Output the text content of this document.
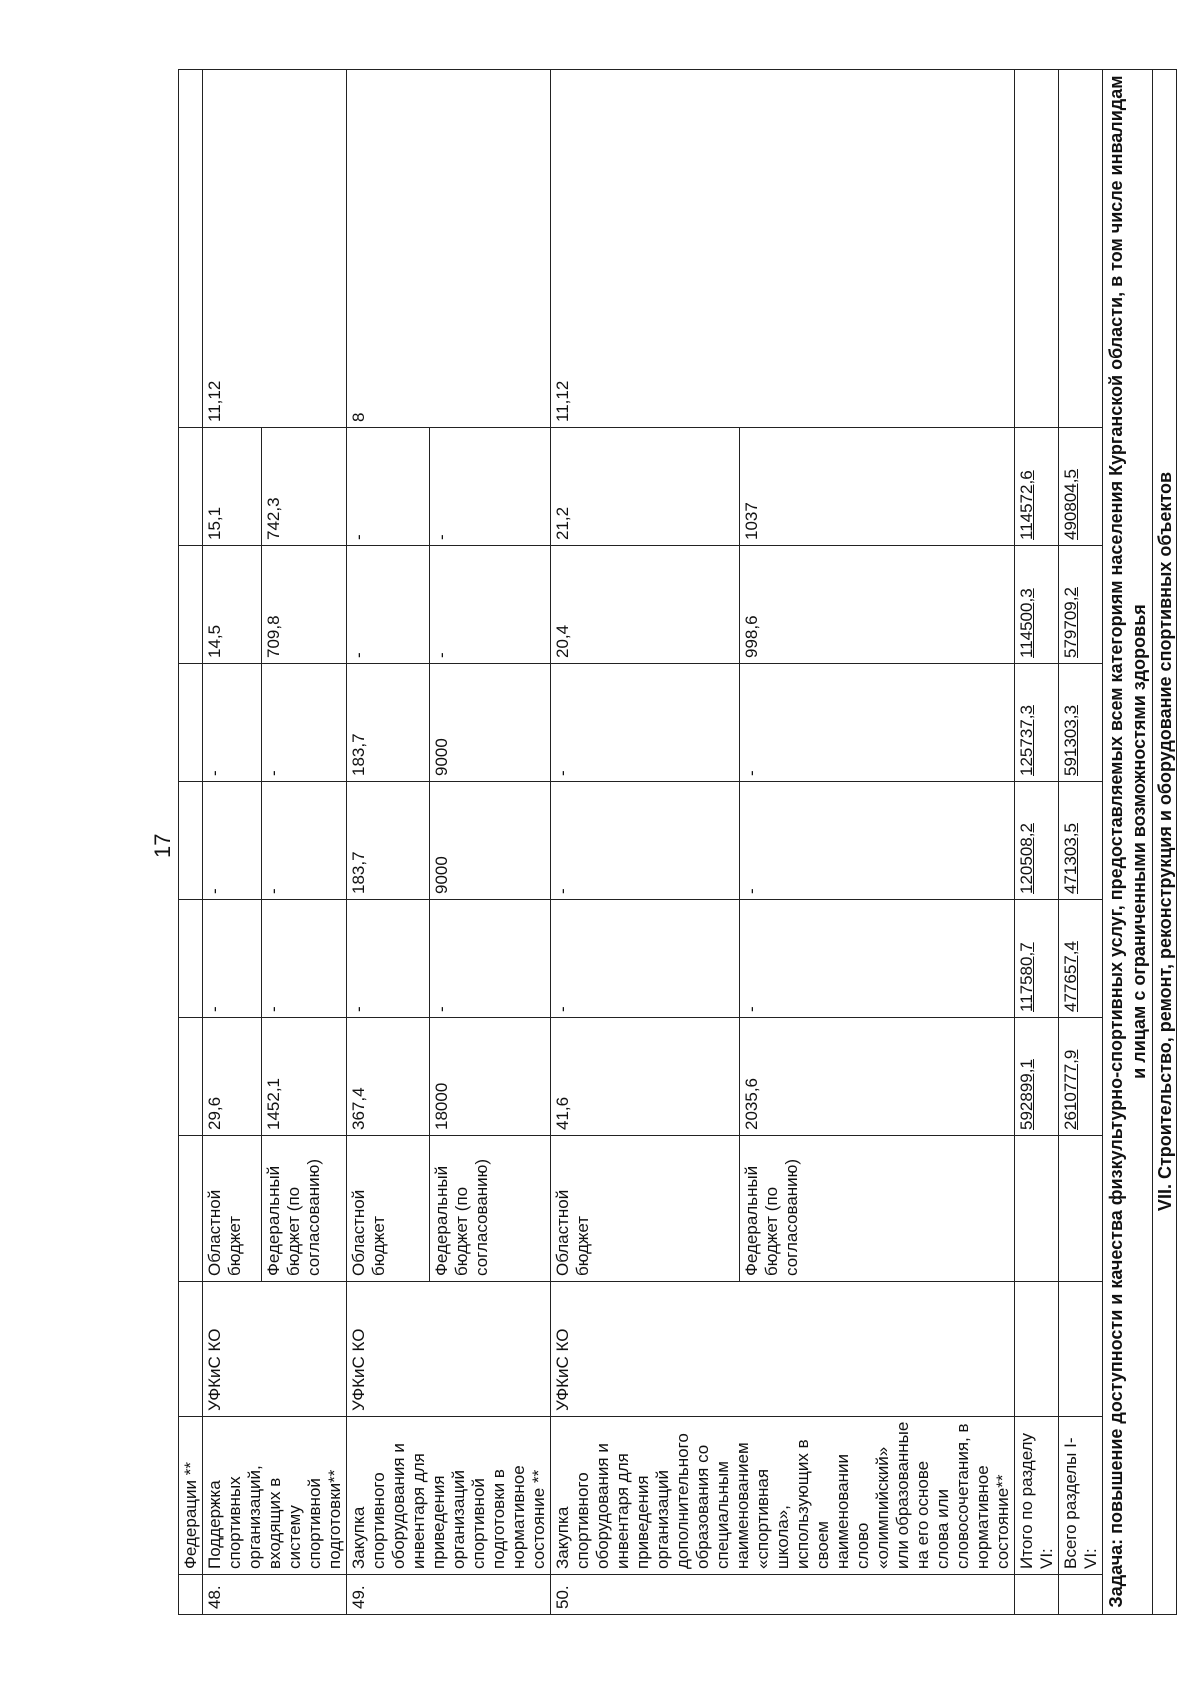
17
	Федерации **									
48.	Поддержка спортивных организаций, входящих в систему спортивной подготовки**	УФКиС КО	Областной бюджет	29,6	-	-	-	14,5	15,1	11,12
			Федеральный бюджет (по согласованию)	1452,1	-	-	-	709,8	742,3	
49.	Закупка спортивного оборудования и инвентаря для приведения организаций спортивной подготовки в нормативное состояние **	УФКиС КО	Областной бюджет	367,4	-	183,7	183,7	-	-	8
			Федеральный бюджет (по согласованию)	18000	-	9000	9000	-	-	
50.	Закупка спортивного оборудования и инвентаря для приведения организаций дополнительного образования со специальным наименованием «спортивная школа», использующих в своем наименовании слово «олимпийский» или образованные на его основе слова или словосочетания, в нормативное состояние**	УФКиС КО	Областной бюджет	41,6	-	-	-	20,4	21,2	11,12
			Федеральный бюджет (по согласованию)	2035,6	-	-	-	998,6	1037	
	Итого по разделу VI:			592899,1	117580,7	120508,2	125737,3	114500,3	114572,6	
	Всего разделы I-VI:			2610777,9	477657,4	471303,5	591303,3	579709,2	490804,5	
Задача: повышение доступности и качества физкультурно-спортивных услуг, предоставляемых всем категориям населения Курганской области, в том числе инвалидам и лицам с ограниченными возможностями здоровья										
VII. Строительство, ремонт, реконструкция и оборудование спортивных объектов										
